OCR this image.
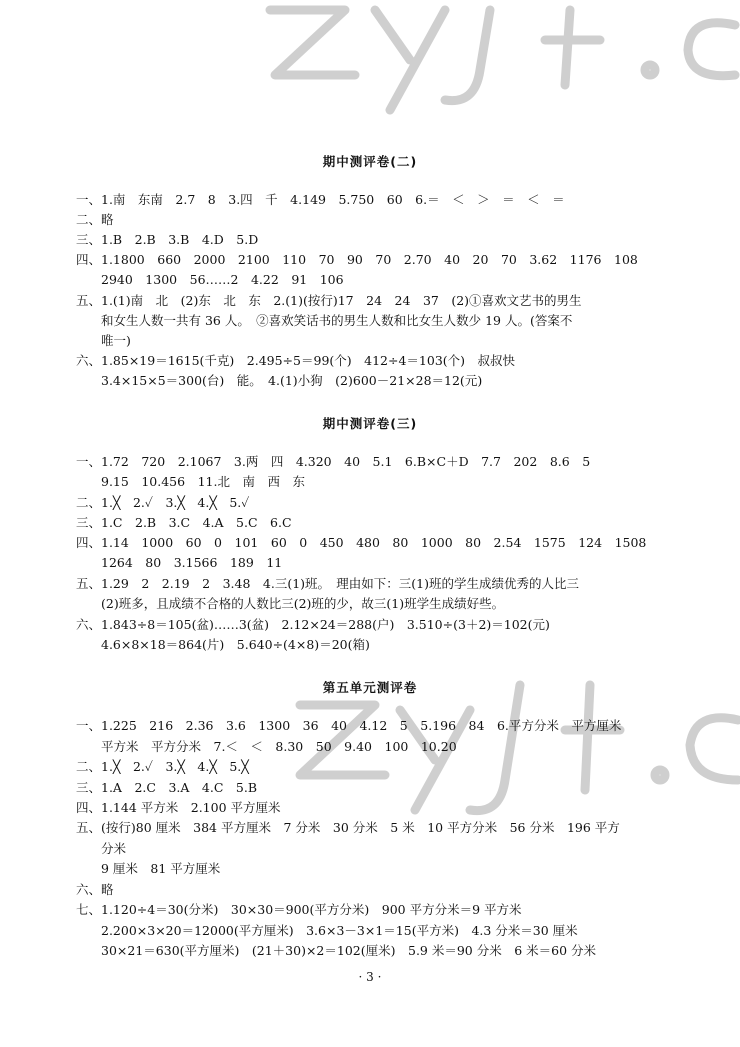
期中测评卷(二)
一、1.南　东南　2.7　8　3.四　千　4.149　5.750　60　6.＝　＜　＞　＝　＜　＝
二、略
三、1.B　2.B　3.B　4.D　5.D
四、1.1800　660　2000　2100　110　70　90　70　2.70　40　20　70　3.62　1176　108
　　2940　1300　56……2　4.22　91　106
五、1.(1)南　北　(2)东　北　东　2.(1)(按行)17　24　24　37　(2)①喜欢文艺书的男生
　　和女生人数一共有 36 人。　②喜欢笑话书的男生人数和比女生人数少 19 人。(答案不
　　唯一)
六、1.85×19＝1615(千克)　2.495÷5＝99(个)　412÷4＝103(个)　叔叔快
　　3.4×15×5＝300(台)　能。　4.(1)小狗　(2)600－21×28＝12(元)
期中测评卷(三)
一、1.72　720　2.1067　3.两　四　4.320　40　5.1　6.B×C＋D　7.7　202　8.6　5
　　9.15　10.456　11.北　南　西　东
二、1.╳　2.✓　3.╳　4.╳　5.✓
三、1.C　2.B　3.C　4.A　5.C　6.C
四、1.14　1000　60　0　101　60　0　450　480　80　1000　80　2.54　1575　124　1508
　　1264　80　3.1566　189　11
五、1.29　2　2.19　2　3.48　4.三(1)班。　理由如下：三(1)班的学生成绩优秀的人比三
　　(2)班多，且成绩不合格的人数比三(2)班的少，故三(1)班学生成绩好些。
六、1.843÷8＝105(盆)……3(盆)　2.12×24＝288(户)　3.510÷(3＋2)＝102(元)
　　4.6×8×18＝864(片)　5.640÷(4×8)＝20(箱)
第五单元测评卷
一、1.225　216　2.36　3.6　1300　36　40　4.12　5　5.196　84　6.平方分米　平方厘米
　　平方米　平方分米　7.＜　＜　8.30　50　9.40　100　10.20
二、1.╳　2.✓　3.╳　4.╳　5.╳
三、1.A　2.C　3.A　4.C　5.B
四、1.144 平方米　2.100 平方厘米
五、(按行)80 厘米　384 平方厘米　7 分米　30 分米　5 米　10 平方分米　56 分米　196 平方
　　分米
　　9 厘米　81 平方厘米
六、略
七、1.120÷4＝30(分米)　30×30＝900(平方分米)　900 平方分米＝9 平方米
　　2.200×3×20＝12000(平方厘米)　3.6×3－3×1＝15(平方米)　4.3 分米＝30 厘米
　　30×21＝630(平方厘米)　(21＋30)×2＝102(厘米)　5.9 米＝90 分米　6 米＝60 分米
· 3 ·
